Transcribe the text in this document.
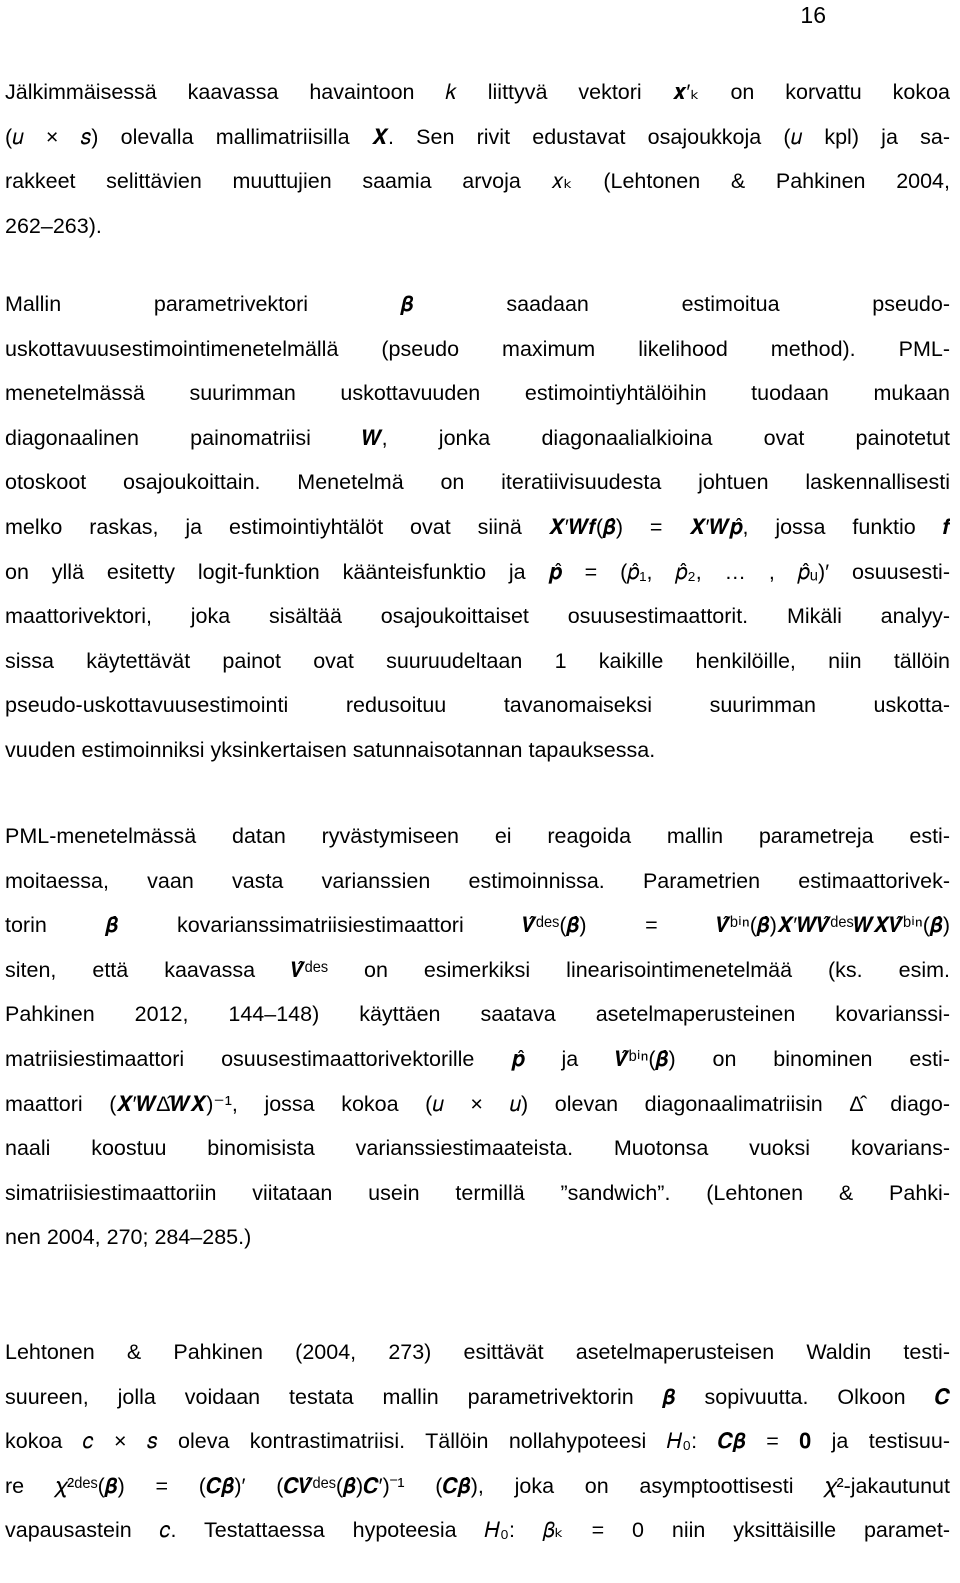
16
Jälkimmäisessä kaavassa havaintoon 𝑘 liittyvä vektori 𝒙′ₖ on korvattu kokoa
(𝑢 × 𝑠) olevalla mallimatriisilla 𝑿. Sen rivit edustavat osajoukkoja (𝑢 kpl) ja sa-
rakkeet selittävien muuttujien saamia arvoja 𝑥ₖ (Lehtonen & Pahkinen 2004,
262–263).
Mallin parametrivektori 𝜷 saadaan estimoitua pseudo-
uskottavuusestimointimenetelmällä (pseudo maximum likelihood method). PML-
menetelmässä suurimman uskottavuuden estimointiyhtälöihin tuodaan mukaan
diagonaalinen painomatriisi 𝑾, jonka diagonaalialkioina ovat painotetut
otoskoot osajoukoittain. Menetelmä on iteratiivisuudesta johtuen laskennallisesti
melko raskas, ja estimointiyhtälöt ovat siinä 𝑿′𝑾𝒇(𝜷̂) = 𝑿′𝑾𝒑̂, jossa funktio 𝒇
on yllä esitetty logit-funktion käänteisfunktio ja 𝒑̂ = (𝑝̂₁, 𝑝̂₂, … , 𝑝̂ᵤ)′ osuusesti-
maattorivektori, joka sisältää osajoukoittaiset osuusestimaattorit. Mikäli analyy-
sissa käytettävät painot ovat suuruudeltaan 1 kaikille henkilöille, niin tällöin
pseudo-uskottavuusestimointi redusoituu tavanomaiseksi suurimman uskotta-
vuuden estimoinniksi yksinkertaisen satunnaisotannan tapauksessa.
PML-menetelmässä datan ryvästymiseen ei reagoida mallin parametreja esti-
moitaessa, vaan vasta varianssien estimoinnissa. Parametrien estimaattorivek-
torin 𝜷̂ kovarianssimatriisiestimaattori 𝑽̂ᵈᵉˢ(𝜷̂) = 𝑽̂ᵇⁱⁿ(𝜷̂)𝑿′𝑾𝑽̂ᵈᵉˢ𝑾𝑿𝑽̂ᵇⁱⁿ(𝜷̂)
siten, että kaavassa 𝑽̂ᵈᵉˢ on esimerkiksi linearisointimenetelmää (ks. esim.
Pahkinen 2012, 144–148) käyttäen saatava asetelmaperusteinen kovarianssi-
matriisiestimaattori osuusestimaattorivektorille 𝒑̂ ja 𝑽̂ᵇⁱⁿ(𝜷̂) on binominen esti-
maattori (𝑿′𝑾Δ̂𝑾𝑿)⁻¹, jossa kokoa (𝑢 × 𝑢) olevan diagonaalimatriisin Δ̂ diago-
naali koostuu binomisista varianssiestimaateista. Muotonsa vuoksi kovarians-
simatriisiestimaattoriin viitataan usein termillä ”sandwich”. (Lehtonen & Pahki-
nen 2004, 270; 284–285.)
Lehtonen & Pahkinen (2004, 273) esittävät asetelmaperusteisen Waldin testi-
suureen, jolla voidaan testata mallin parametrivektorin 𝜷 sopivuutta. Olkoon 𝑪
kokoa 𝑐 × 𝑠 oleva kontrastimatriisi. Tällöin nollahypoteesi 𝐻₀: 𝑪𝜷 = 𝟎 ja testisuu-
re 𝜒²ᵈᵉˢ(𝜷) = (𝑪𝜷̂)′ (𝑪𝑽̂ᵈᵉˢ(𝜷̂)𝑪′)⁻¹ (𝑪𝜷̂), joka on asymptoottisesti 𝜒²-jakautunut
vapausastein 𝑐. Testattaessa hypoteesia 𝐻₀: 𝛽ₖ = 0 niin yksittäisille paramet-
